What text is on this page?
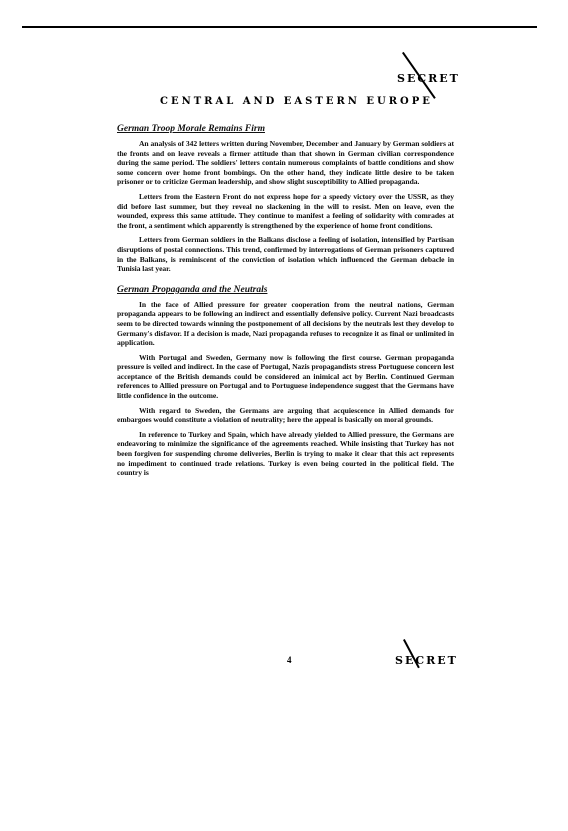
SECRET
CENTRAL AND EASTERN EUROPE
German Troop Morale Remains Firm

An analysis of 342 letters written during November, December and January by German soldiers at the fronts and on leave reveals a firmer attitude than that shown in German civilian correspondence during the same period. The soldiers' letters contain numerous complaints of battle conditions and show some concern over home front bombings. On the other hand, they indicate little desire to be taken prisoner or to criticize German leadership, and show slight susceptibility to Allied propaganda.

Letters from the Eastern Front do not express hope for a speedy victory over the USSR, as they did before last summer, but they reveal no slackening in the will to resist. Men on leave, even the wounded, express this same attitude. They continue to manifest a feeling of solidarity with comrades at the front, a sentiment which apparently is strengthened by the experience of home front conditions.

Letters from German soldiers in the Balkans disclose a feeling of isolation, intensified by Partisan disruptions of postal connections. This trend, confirmed by interrogations of German prisoners captured in the Balkans, is reminiscent of the conviction of isolation which influenced the German debacle in Tunisia last year.

German Propaganda and the Neutrals

In the face of Allied pressure for greater cooperation from the neutral nations, German propaganda appears to be following an indirect and essentially defensive policy. Current Nazi broadcasts seem to be directed towards winning the postponement of all decisions by the neutrals lest they develop to Germany's disfavor. If a decision is made, Nazi propaganda refuses to recognize it as final or unlimited in application.

With Portugal and Sweden, Germany now is following the first course. German propaganda pressure is veiled and indirect. In the case of Portugal, Nazis propagandists stress Portuguese concern lest acceptance of the British demands could be considered an inimical act by Berlin. Continued German references to Allied pressure on Portugal and to Portuguese independence suggest that the Germans have little confidence in the outcome.

With regard to Sweden, the Germans are arguing that acquiescence in Allied demands for embargoes would constitute a violation of neutrality; here the appeal is basically on moral grounds.

In reference to Turkey and Spain, which have already yielded to Allied pressure, the Germans are endeavoring to minimize the significance of the agreements reached. While insisting that Turkey has not been forgiven for suspending chrome deliveries, Berlin is trying to make it clear that this act represents no impediment to continued trade relations. Turkey is even being courted in the political field. The country is

4	SECRET
